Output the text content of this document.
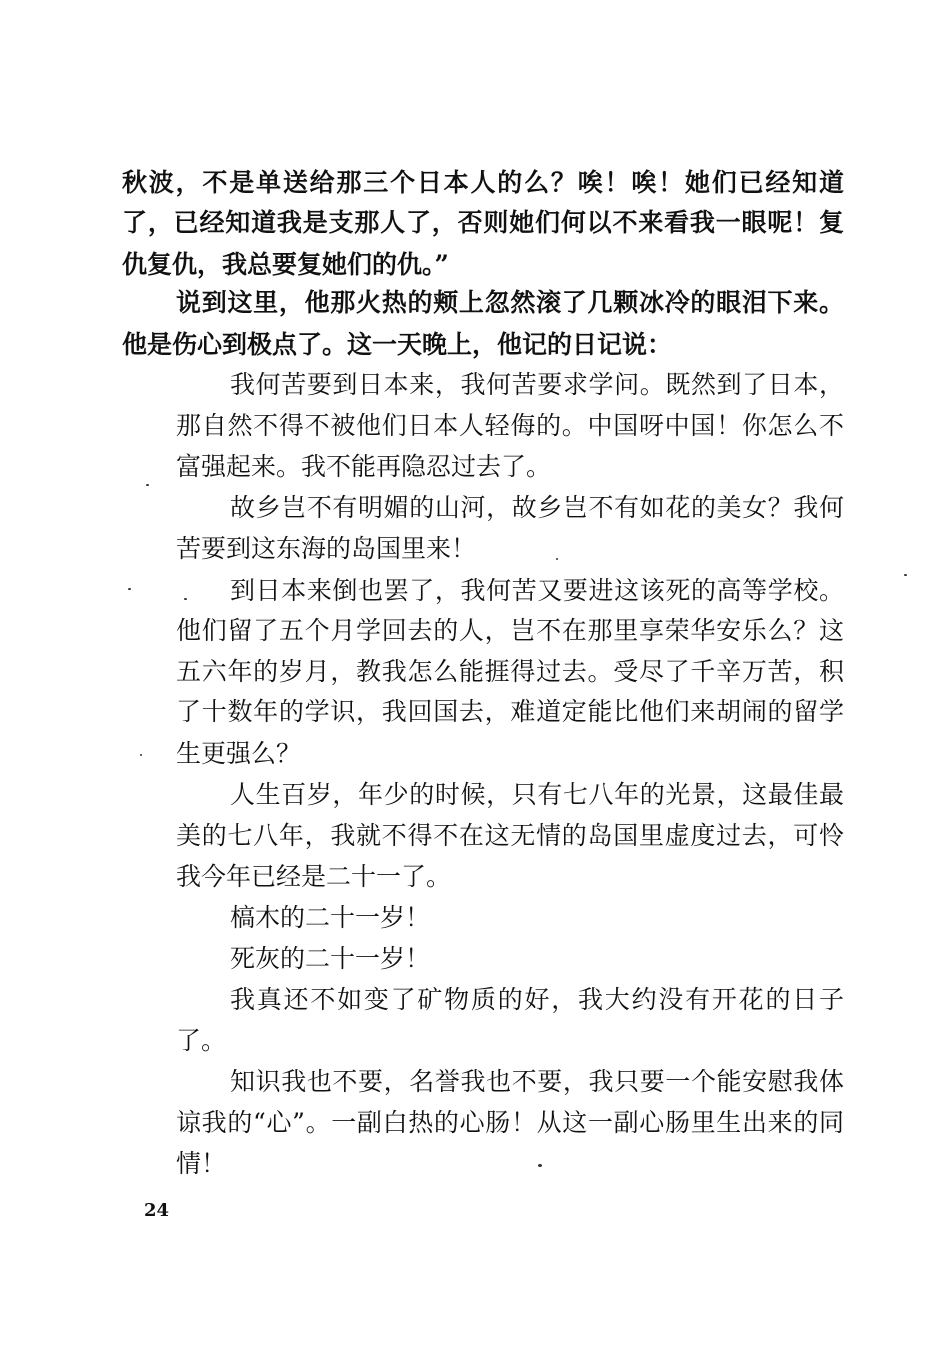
秋波，不是单送给那三个日本人的么？唉！唉！她们已经知道
了，已经知道我是支那人了，否则她们何以不来看我一眼呢！复
仇复仇，我总要复她们的仇。”
说到这里，他那火热的颊上忽然滚了几颗冰冷的眼泪下来。
他是伤心到极点了。这一天晚上，他记的日记说：
我何苦要到日本来，我何苦要求学问。既然到了日本，
那自然不得不被他们日本人轻侮的。中国呀中国！你怎么不
富强起来。我不能再隐忍过去了。
故乡岂不有明媚的山河，故乡岂不有如花的美女？我何
苦要到这东海的岛国里来！
到日本来倒也罢了，我何苦又要进这该死的高等学校。
他们留了五个月学回去的人，岂不在那里享荣华安乐么？这
五六年的岁月，教我怎么能捱得过去。受尽了千辛万苦，积
了十数年的学识，我回国去，难道定能比他们来胡闹的留学
生更强么？
人生百岁，年少的时候，只有七八年的光景，这最佳最
美的七八年，我就不得不在这无情的岛国里虚度过去，可怜
我今年已经是二十一了。
槁木的二十一岁！
死灰的二十一岁！
我真还不如变了矿物质的好，我大约没有开花的日子
了。
知识我也不要，名誉我也不要，我只要一个能安慰我体
谅我的“心”。一副白热的心肠！从这一副心肠里生出来的同
情！
24
